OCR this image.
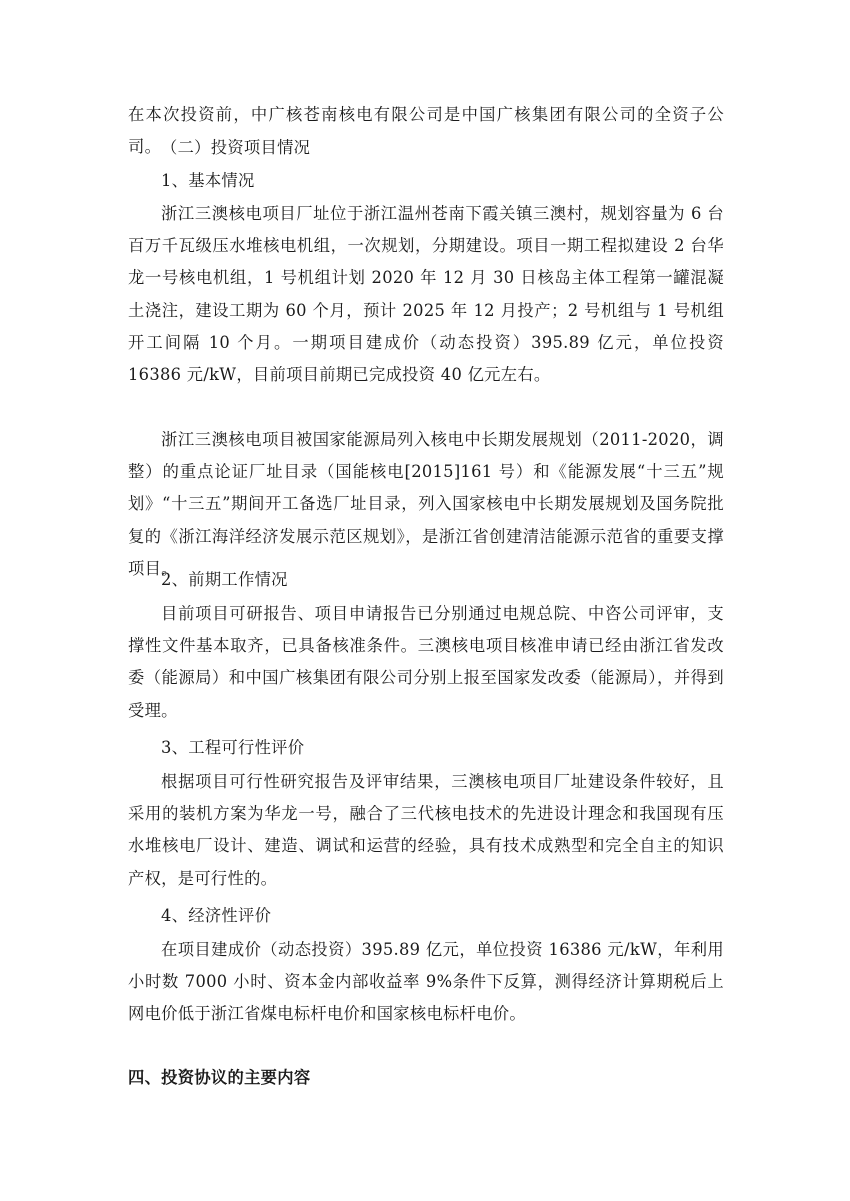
在本次投资前，中广核苍南核电有限公司是中国广核集团有限公司的全资子公司。 （二）投资项目情况

1、基本情况

浙江三澳核电项目厂址位于浙江温州苍南下霞关镇三澳村，规划容量为 6 台百万千瓦级压水堆核电机组，一次规划，分期建设。项目一期工程拟建设 2 台华龙一号核电机组，1 号机组计划 2020 年 12 月 30 日核岛主体工程第一罐混凝土浇注，建设工期为 60 个月，预计 2025 年 12 月投产；2 号机组与 1 号机组开工间隔 10 个月。一期项目建成价（动态投资）395.89 亿元，单位投资 16386 元/kW，目前项目前期已完成投资 40 亿元左右。

浙江三澳核电项目被国家能源局列入核电中长期发展规划（2011-2020，调整）的重点论证厂址目录（国能核电[2015]161 号）和《能源发展“十三五”规划》“十三五”期间开工备选厂址目录，列入国家核电中长期发展规划及国务院批复的《浙江海洋经济发展示范区规划》，是浙江省创建清洁能源示范省的重要支撑项目。

2、前期工作情况

目前项目可研报告、项目申请报告已分别通过电规总院、中咨公司评审，支撑性文件基本取齐，已具备核准条件。三澳核电项目核准申请已经由浙江省发改委（能源局）和中国广核集团有限公司分别上报至国家发改委（能源局），并得到受理。

3、工程可行性评价

根据项目可行性研究报告及评审结果，三澳核电项目厂址建设条件较好，且采用的装机方案为华龙一号，融合了三代核电技术的先进设计理念和我国现有压水堆核电厂设计、建造、调试和运营的经验，具有技术成熟型和完全自主的知识产权，是可行性的。

4、经济性评价

在项目建成价（动态投资）395.89 亿元，单位投资 16386 元/kW，年利用小时数 7000 小时、资本金内部收益率 9%条件下反算，测得经济计算期税后上网电价低于浙江省煤电标杆电价和国家核电标杆电价。

四、投资协议的主要内容
